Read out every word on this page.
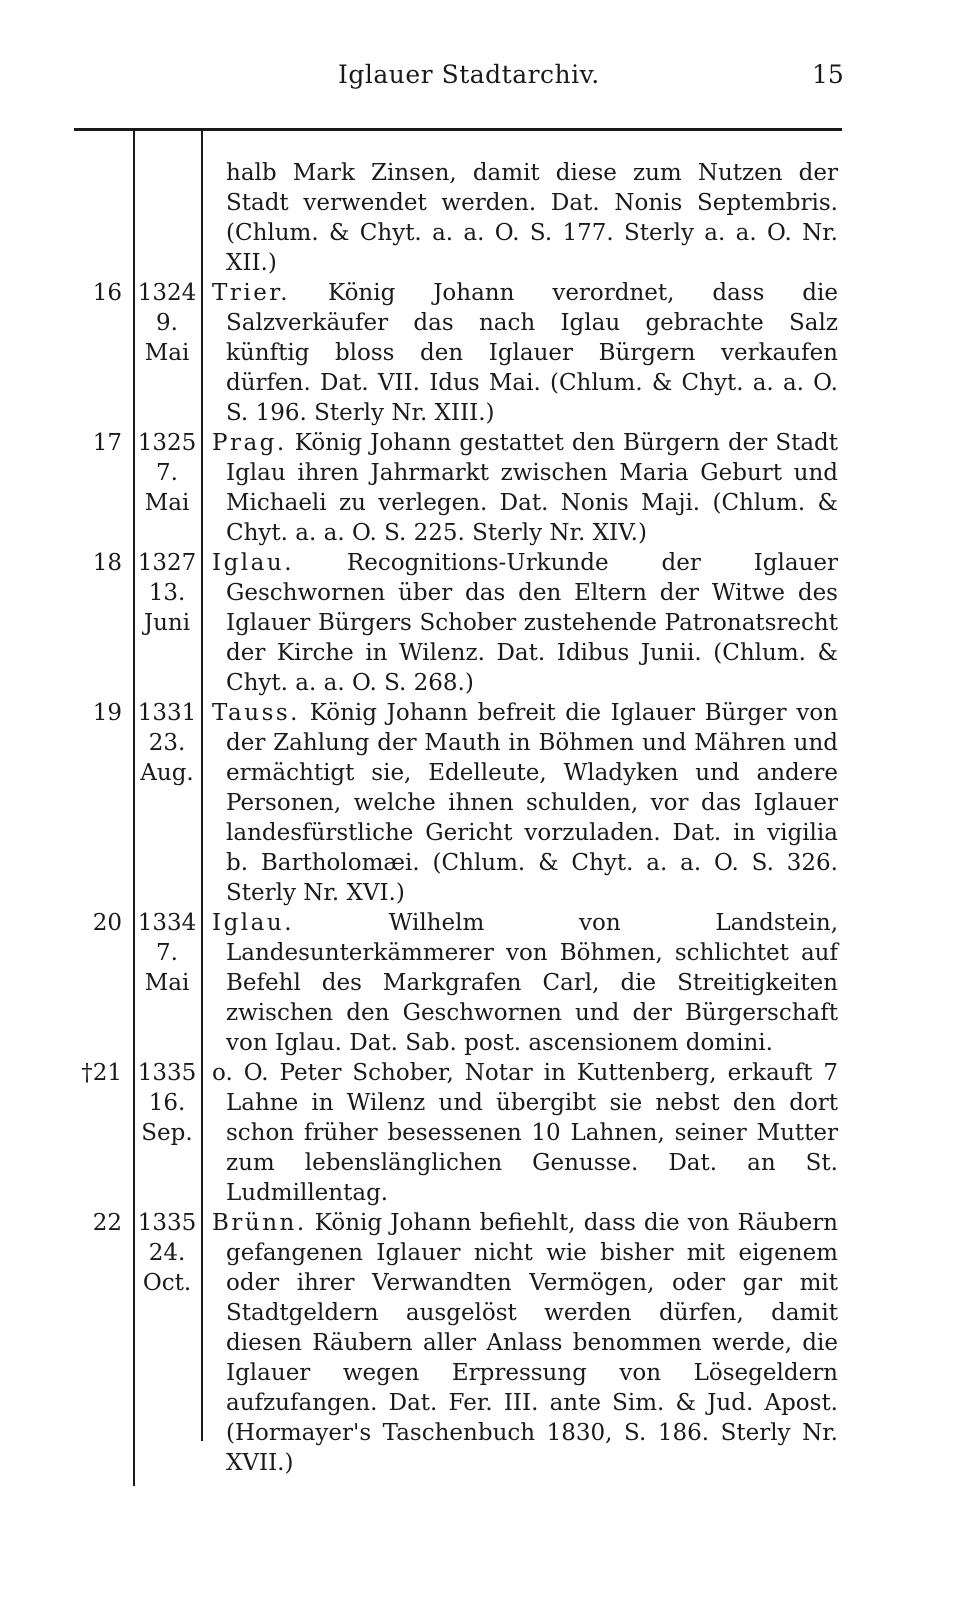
Iglauer Stadtarchiv.	15
halb Mark Zinsen, damit diese zum Nutzen der Stadt verwendet werden. Dat. Nonis Septembris. (Chlum. & Chyt. a. a. O. S. 177. Sterly a. a. O. Nr. XII.)
16 1324
9.
Mai
Trier. König Johann verordnet, dass die Salzverkäufer das nach Iglau gebrachte Salz künftig bloss den Iglauer Bürgern verkaufen dürfen. Dat. VII. Idus Mai. (Chlum. & Chyt. a. a. O. S. 196. Sterly Nr. XIII.)
17 1325
7.
Mai
Prag. König Johann gestattet den Bürgern der Stadt Iglau ihren Jahrmarkt zwischen Maria Geburt und Michaeli zu verlegen. Dat. Nonis Maji. (Chlum. & Chyt. a. a. O. S. 225. Sterly Nr. XIV.)
18 1327
13.
Juni
Iglau. Recognitions-Urkunde der Iglauer Geschwornen über das den Eltern der Witwe des Iglauer Bürgers Schober zustehende Patronatsrecht der Kirche in Wilenz. Dat. Idibus Junii. (Chlum. & Chyt. a. a. O. S. 268.)
19 1331
23.
Aug.
Tauss. König Johann befreit die Iglauer Bürger von der Zahlung der Mauth in Böhmen und Mähren und ermächtigt sie, Edelleute, Wladyken und andere Personen, welche ihnen schulden, vor das Iglauer landesfürstliche Gericht vorzuladen. Dat. in vigilia b. Bartholomæi. (Chlum. & Chyt. a. a. O. S. 326. Sterly Nr. XVI.)
20 1334
7.
Mai
Iglau.	Wilhelm von Landstein, Landesunterkämmerer von Böhmen, schlichtet auf Befehl des Markgrafen Carl, die Streitigkeiten zwischen den Geschwornen und der Bürgerschaft von Iglau. Dat. Sab. post. ascensionem domini.
†21 1335
16.
Sep.
o. O. Peter Schober, Notar in Kuttenberg, erkauft 7 Lahne in Wilenz und übergibt sie nebst den dort schon früher besessenen 10 Lahnen, seiner Mutter zum lebenslänglichen Genusse. Dat. an St. Ludmillentag.
22 1335
24.
Oct.
Brünn. König Johann befiehlt, dass die von Räubern gefangenen Iglauer nicht wie bisher mit eigenem oder ihrer Verwandten Vermögen, oder gar mit Stadtgeldern ausgelöst werden dürfen, damit diesen Räubern aller Anlass benommen werde, die Iglauer wegen Erpressung von Lösegeldern aufzufangen. Dat. Fer. III. ante Sim. & Jud. Apost. (Hormayer's Taschenbuch 1830, S. 186. Sterly Nr. XVII.)
